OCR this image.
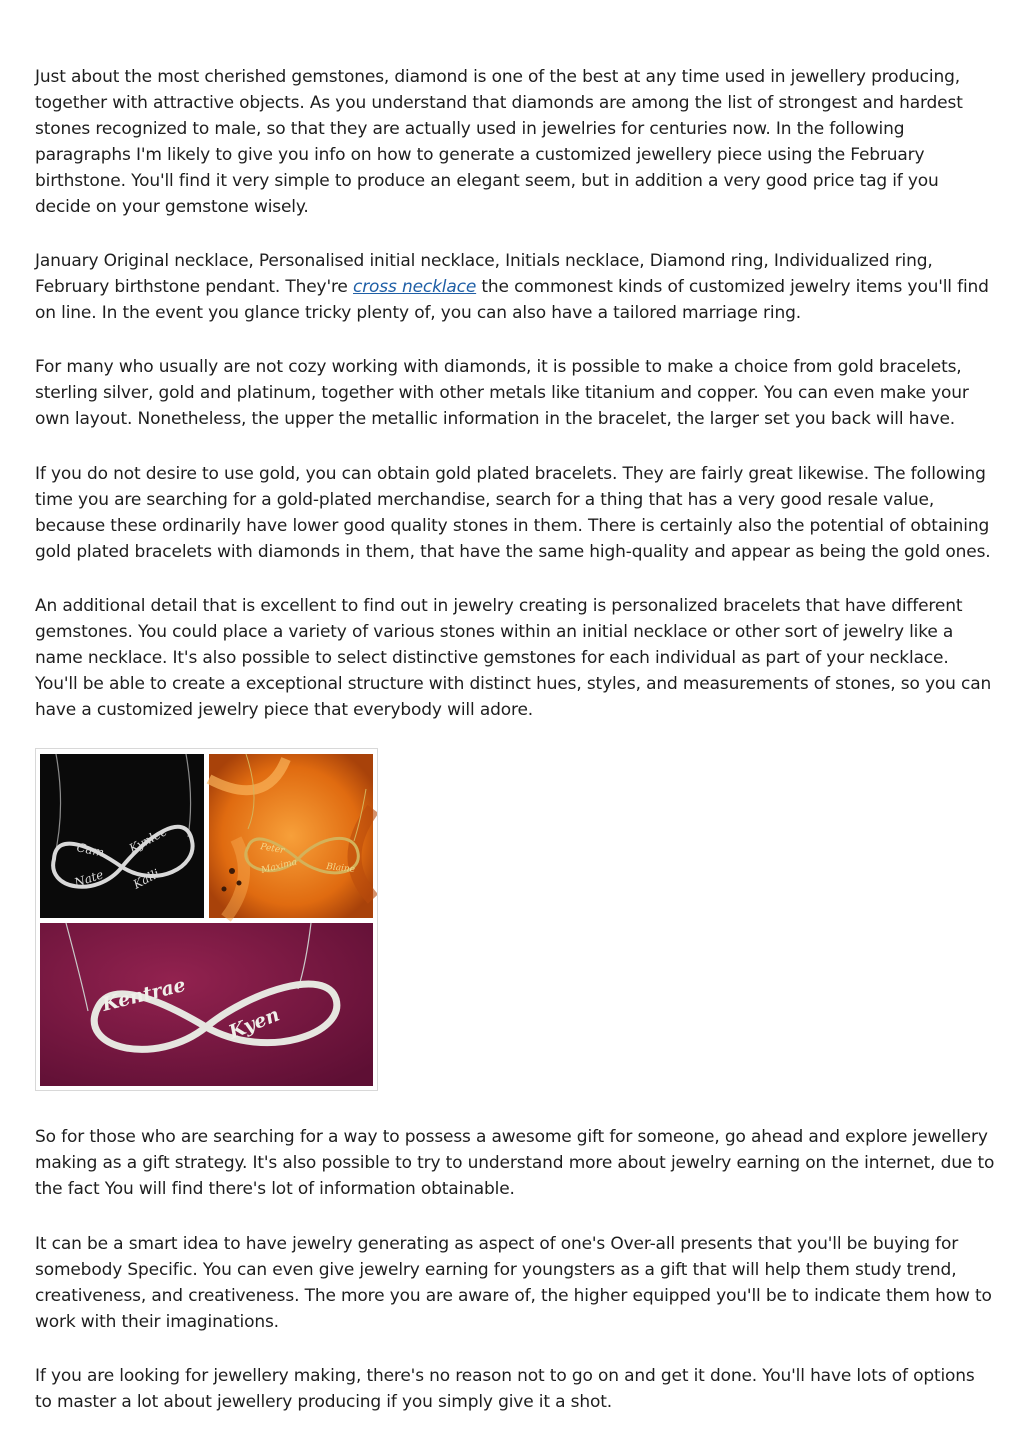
Just about the most cherished gemstones, diamond is one of the best at any time used in jewellery producing, together with attractive objects. As you understand that diamonds are among the list of strongest and hardest stones recognized to male, so that they are actually used in jewelries for centuries now. In the following paragraphs I'm likely to give you info on how to generate a customized jewellery piece using the February birthstone. You'll find it very simple to produce an elegant seem, but in addition a very good price tag if you decide on your gemstone wisely.

January Original necklace, Personalised initial necklace, Initials necklace, Diamond ring, Individualized ring, February birthstone pendant. They're cross necklace the commonest kinds of customized jewelry items you'll find on line. In the event you glance tricky plenty of, you can also have a tailored marriage ring.

For many who usually are not cozy working with diamonds, it is possible to make a choice from gold bracelets, sterling silver, gold and platinum, together with other metals like titanium and copper. You can even make your own layout. Nonetheless, the upper the metallic information in the bracelet, the larger set you back will have.

If you do not desire to use gold, you can obtain gold plated bracelets. They are fairly great likewise. The following time you are searching for a gold-plated merchandise, search for a thing that has a very good resale value, because these ordinarily have lower good quality stones in them. There is certainly also the potential of obtaining gold plated bracelets with diamonds in them, that have the same high-quality and appear as being the gold ones.

An additional detail that is excellent to find out in jewelry creating is personalized bracelets that have different gemstones. You could place a variety of various stones within an initial necklace or other sort of jewelry like a name necklace. It's also possible to select distinctive gemstones for each individual as part of your necklace. You'll be able to create a exceptional structure with distinct hues, styles, and measurements of stones, so you can have a customized jewelry piece that everybody will adore.

Cam Kynlee
Nate Kalli
Peter
Maxima	Blaine
Kentrae
Kyen

So for those who are searching for a way to possess a awesome gift for someone, go ahead and explore jewellery making as a gift strategy. It's also possible to try to understand more about jewelry earning on the internet, due to the fact You will find there's lot of information obtainable.

It can be a smart idea to have jewelry generating as aspect of one's Over-all presents that you'll be buying for somebody Specific. You can even give jewelry earning for youngsters as a gift that will help them study trend, creativeness, and creativeness. The more you are aware of, the higher equipped you'll be to indicate them how to work with their imaginations.

If you are looking for jewellery making, there's no reason not to go on and get it done. You'll have lots of options to master a lot about jewellery producing if you simply give it a shot.
